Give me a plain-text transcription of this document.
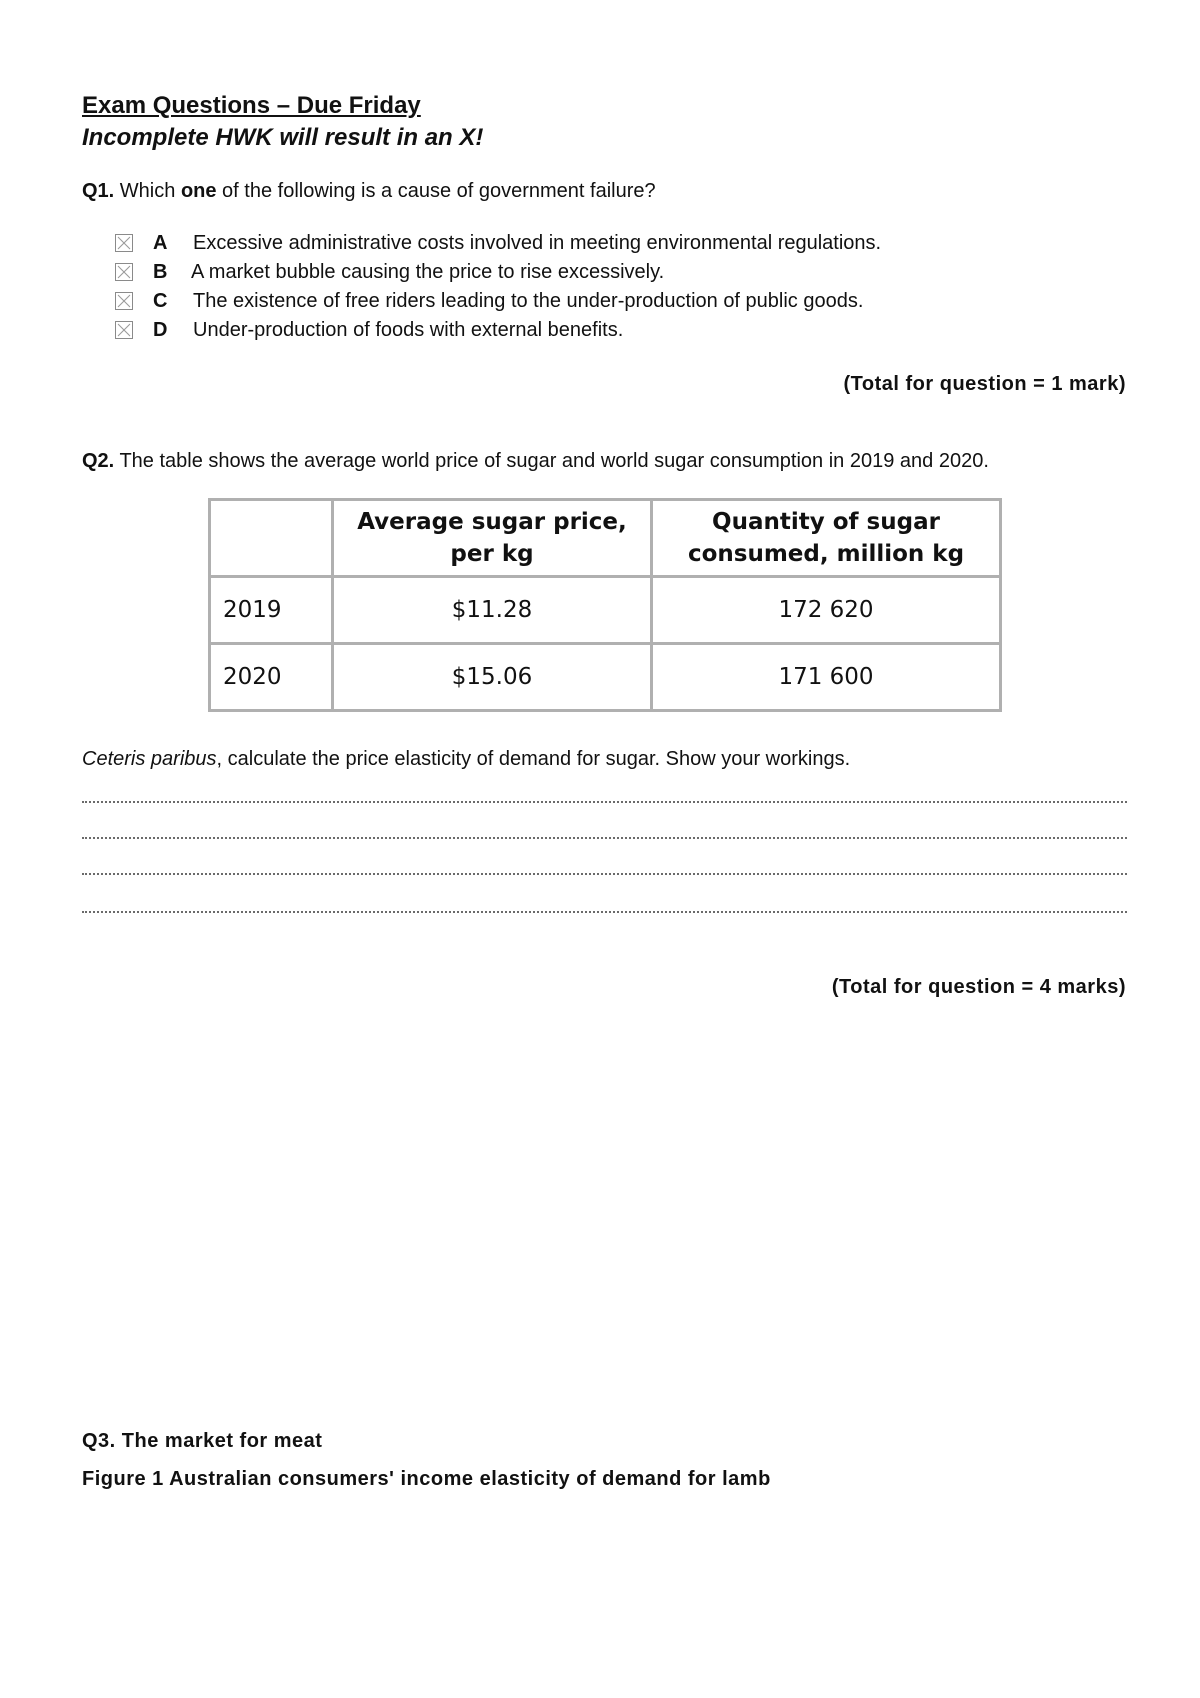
Exam Questions – Due Friday
Incomplete HWK will result in an X!
Q1. Which one of the following is a cause of government failure?
A	Excessive administrative costs involved in meeting environmental regulations.
B	A market bubble causing the price to rise excessively.
C	The existence of free riders leading to the under-production of public goods.
D	Under-production of foods with external benefits.
(Total for question = 1 mark)
Q2. The table shows the average world price of sugar and world sugar consumption in 2019 and 2020.
	Average sugar price, per kg	Quantity of sugar consumed, million kg
2019	$11.28	172 620
2020	$15.06	171 600
Ceteris paribus, calculate the price elasticity of demand for sugar. Show your workings.
(Total for question = 4 marks)
Q3. The market for meat
Figure 1 Australian consumers' income elasticity of demand for lamb
